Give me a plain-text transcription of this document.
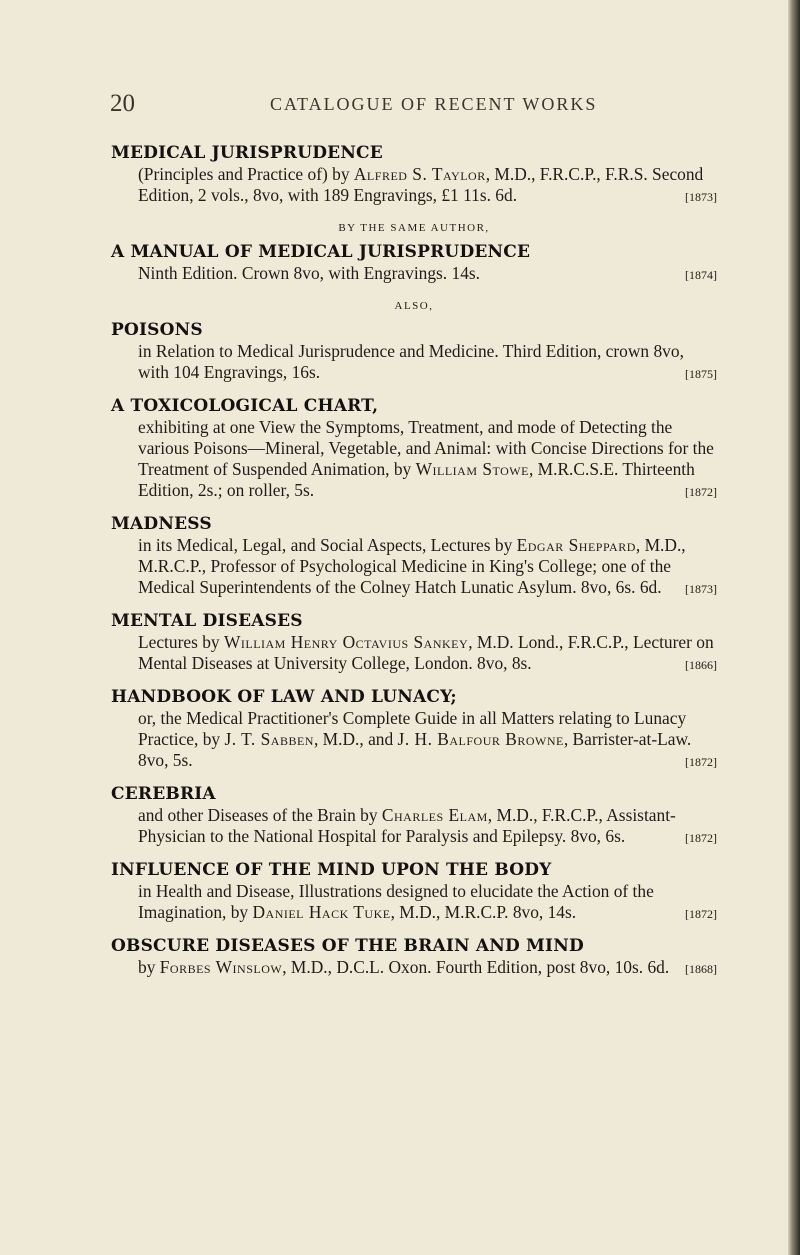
20	CATALOGUE OF RECENT WORKS
MEDICAL JURISPRUDENCE
(Principles and Practice of) by Alfred S. Taylor, M.D., F.R.C.P., F.R.S. Second Edition, 2 vols., 8vo, with 189 Engravings, £1 11s. 6d.	[1873]
BY THE SAME AUTHOR,
A MANUAL OF MEDICAL JURISPRUDENCE
Ninth Edition. Crown 8vo, with Engravings. 14s.	[1874]
ALSO,
POISONS
in Relation to Medical Jurisprudence and Medicine. Third Edition, crown 8vo, with 104 Engravings, 16s.	[1875]
A TOXICOLOGICAL CHART,
exhibiting at one View the Symptoms, Treatment, and mode of Detecting the various Poisons—Mineral, Vegetable, and Animal: with Concise Directions for the Treatment of Suspended Animation, by William Stowe, M.R.C.S.E. Thirteenth Edition, 2s.; on roller, 5s.	[1872]
MADNESS
in its Medical, Legal, and Social Aspects, Lectures by Edgar Sheppard, M.D., M.R.C.P., Professor of Psychological Medicine in King's College; one of the Medical Superintendents of the Colney Hatch Lunatic Asylum. 8vo, 6s. 6d. [1873]
MENTAL DISEASES
Lectures by William Henry Octavius Sankey, M.D. Lond., F.R.C.P., Lecturer on Mental Diseases at University College, London. 8vo, 8s.	[1866]
HANDBOOK OF LAW AND LUNACY;
or, the Medical Practitioner's Complete Guide in all Matters relating to Lunacy Practice, by J. T. Sabben, M.D., and J. H. Balfour Browne, Barrister-at-Law. 8vo, 5s.	[1872]
CEREBRIA
and other Diseases of the Brain by Charles Elam, M.D., F.R.C.P., Assistant-Physician to the National Hospital for Paralysis and Epilepsy. 8vo, 6s.	[1872]
INFLUENCE OF THE MIND UPON THE BODY
in Health and Disease, Illustrations designed to elucidate the Action of the Imagination, by Daniel Hack Tuke, M.D., M.R.C.P. 8vo, 14s.	[1872]
OBSCURE DISEASES OF THE BRAIN AND MIND
by Forbes Winslow, M.D., D.C.L. Oxon. Fourth Edition, post 8vo, 10s. 6d. [1868]
